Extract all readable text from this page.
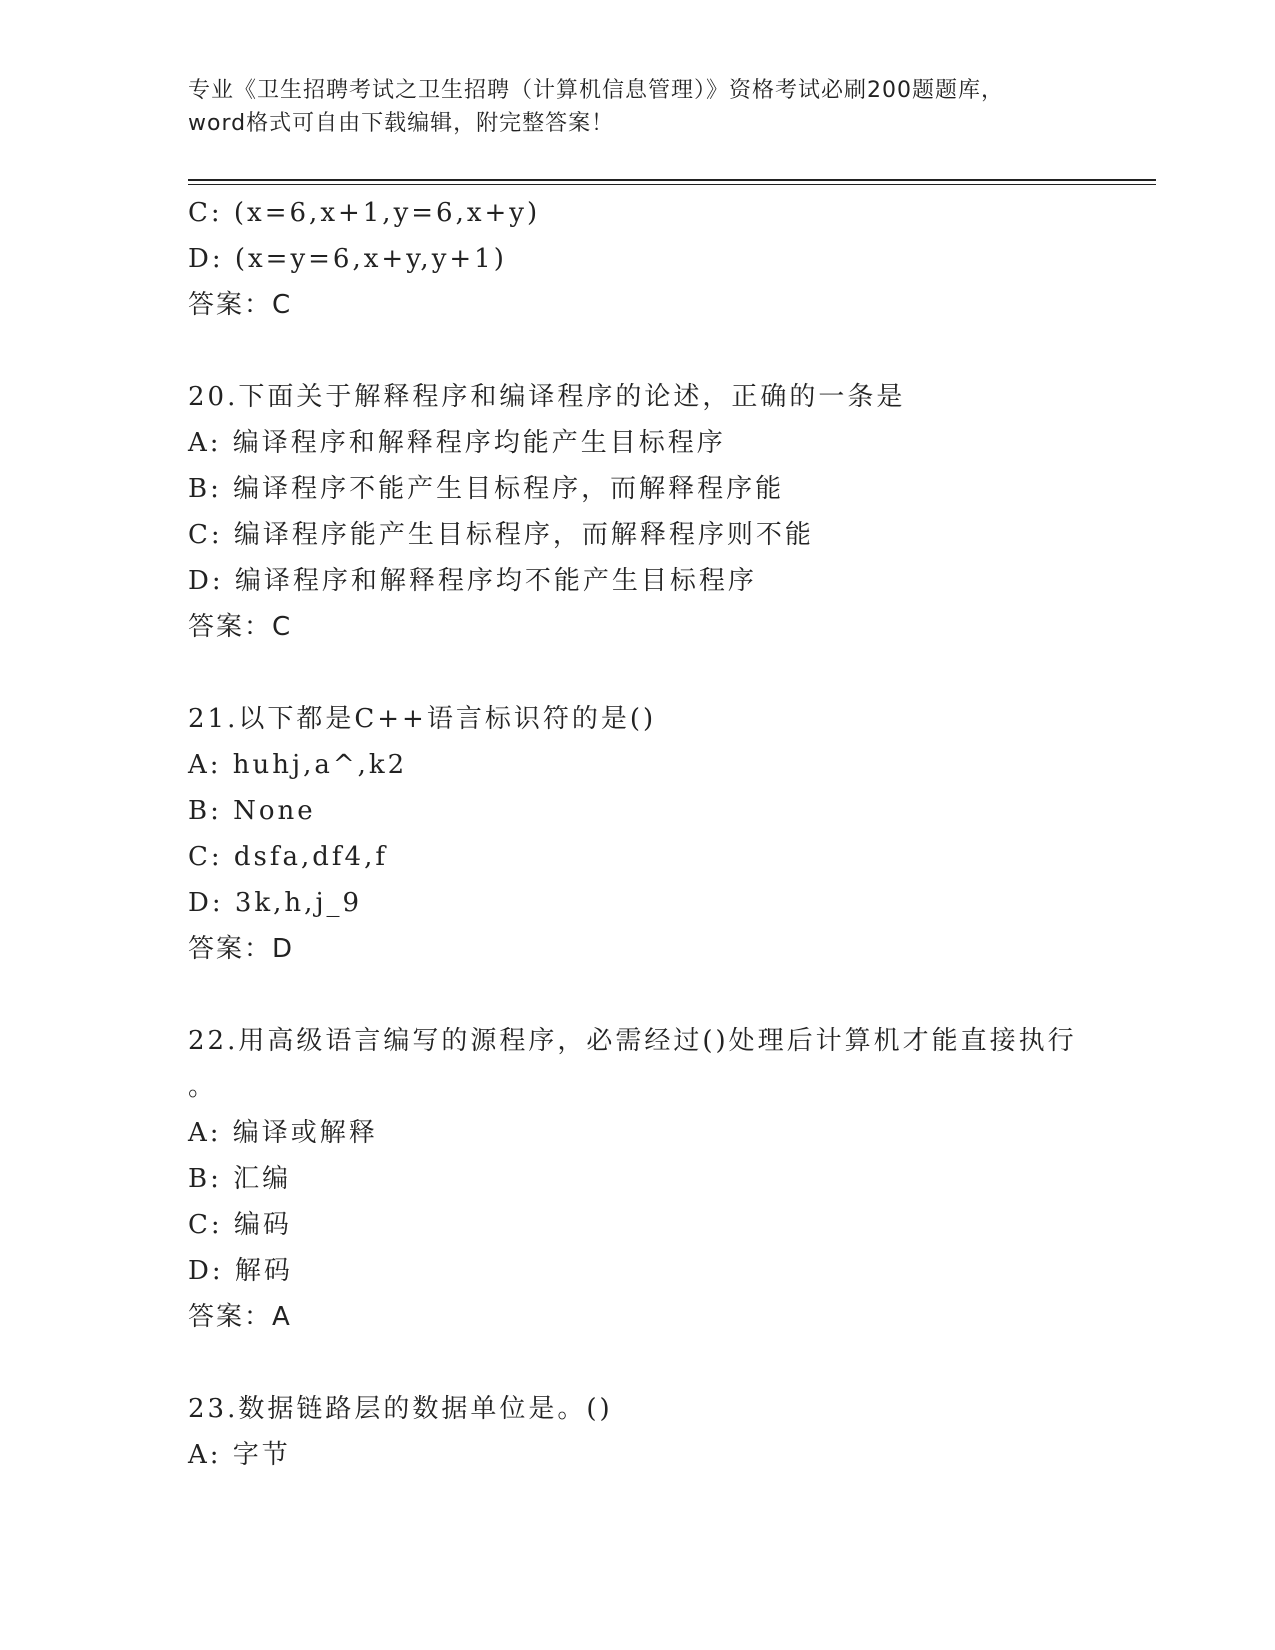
专业《卫生招聘考试之卫生招聘（计算机信息管理）》资格考试必刷200题题库，
word格式可自由下载编辑，附完整答案！
C: (x=6,x+1,y=6,x+y)
D: (x=y=6,x+y,y+1)
答案：C
20.下面关于解释程序和编译程序的论述，正确的一条是
A: 编译程序和解释程序均能产生目标程序
B: 编译程序不能产生目标程序，而解释程序能
C: 编译程序能产生目标程序，而解释程序则不能
D: 编译程序和解释程序均不能产生目标程序
答案：C
21.以下都是C++语言标识符的是()
A: huhj,a^,k2
B: None
C: dsfa,df4,f
D: 3k,h,j_9
答案：D
22.用高级语言编写的源程序，必需经过()处理后计算机才能直接执行
。
A: 编译或解释
B: 汇编
C: 编码
D: 解码
答案：A
23.数据链路层的数据单位是。()
A: 字节
